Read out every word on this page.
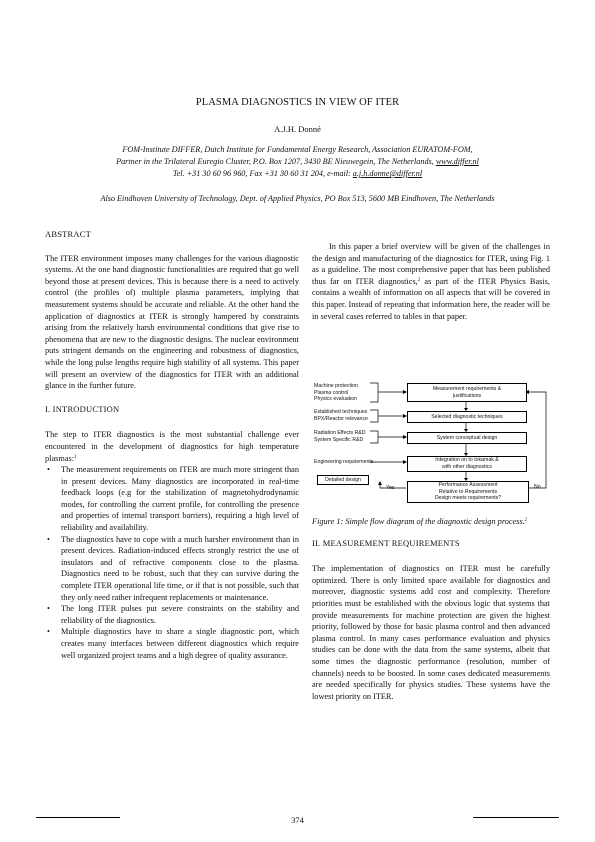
PLASMA DIAGNOSTICS IN VIEW OF ITER
A.J.H. Donné
FOM-Institute DIFFER, Dutch Institute for Fundamental Energy Research, Association EURATOM-FOM,
Partner in the Trilateral Euregio Cluster, P.O. Box 1207, 3430 BE Nieuwegein, The Netherlands, www.differ.nl
Tel. +31 30 60 96 960, Fax +31 30 60 31 204, e-mail: a.j.h.donne@differ.nl
Also Eindhoven University of Technology, Dept. of Applied Physics, PO Box 513, 5600 MB Eindhoven, The Netherlands
ABSTRACT

The ITER environment imposes many challenges for the various diagnostic systems. At the one hand diagnostic functionalities are required that go well beyond those at present devices. This is because there is a need to actively control (the profiles of) multiple plasma parameters, implying that measurement systems should be accurate and reliable. At the other hand the application of diagnostics at ITER is strongly hampered by constraints arising from the relatively harsh environmental conditions that give rise to phenomena that are new to the diagnostic designs. The nuclear environment puts stringent demands on the engineering and robustness of diagnostics, while the long pulse lengths require high stability of all systems. This paper will present an overview of the diagnostics for ITER with an additional glance in the further future.

I. INTRODUCTION

The step to ITER diagnostics is the most substantial challenge ever encountered in the development of diagnostics for high temperature plasmas:$^1$

• The measurement requirements on ITER are much more stringent than in present devices. Many diagnostics are incorporated in real-time feedback loops (e.g for the stabilization of magnetohydrodynamic modes, for controlling the current profile, for controlling the presence and properties of internal transport barriers), requiring a high level of reliability and availability.
• The diagnostics have to cope with a much harsher environment than in present devices. Radiation-induced effects strongly restrict the use of insulators and of refractive components close to the plasma. Diagnostics need to be robust, such that they can survive during the complete ITER operational life time, or if that is not possible, such that they only need rather infrequent replacements or maintenance.
• The long ITER pulses put severe constraints on the stability and reliability of the diagnostics.
• Multiple diagnostics have to share a single diagnostic port, which creates many interfaces between different diagnostics which require well organized project teams and a high degree of quality assurance.

In this paper a brief overview will be given of the challenges in the design and manufacturing of the diagnostics for ITER, using Fig. 1 as a guideline. The most comprehensive paper that has been published thus far on ITER diagnostics,$^2$ as part of the ITER Physics Basis, contains a wealth of information on all aspects that will be covered in this paper. Instead of repeating that information here, the reader will be in several cases referred to tables in that paper.

Machine protection
Plasma control
Physics evaluation
Established techniques
BPX/Reactor relevance
Radiation Effects R&D
System Specific R&D
Engineering requirements
Measurement requirements &
justifications
Selected diagnostic techniques
System conceptual design
Integration on to tokamak &
with other diagnostics
Performance Assessment
Relative to Requirements
Design meets requirements?
Detailed design
Yes	No

Figure 1: Simple flow diagram of the diagnostic design process.$^2$

II. MEASUREMENT REQUIREMENTS

The implementation of diagnostics on ITER must be carefully optimized. There is only limited space available for diagnostics and moreover, diagnostic systems add cost and complexity. Therefore priorities must be established with the obvious logic that systems that provide measurements for machine protection are given the highest priority, followed by those for basic plasma control and then advanced plasma control. In many cases performance evaluation and physics studies can be done with the data from the same systems, albeit that some times the diagnostic performance (resolution, number of channels) needs to be boosted. In some cases dedicated measurements are needed specifically for physics studies. These systems have the lowest priority on ITER.

374
